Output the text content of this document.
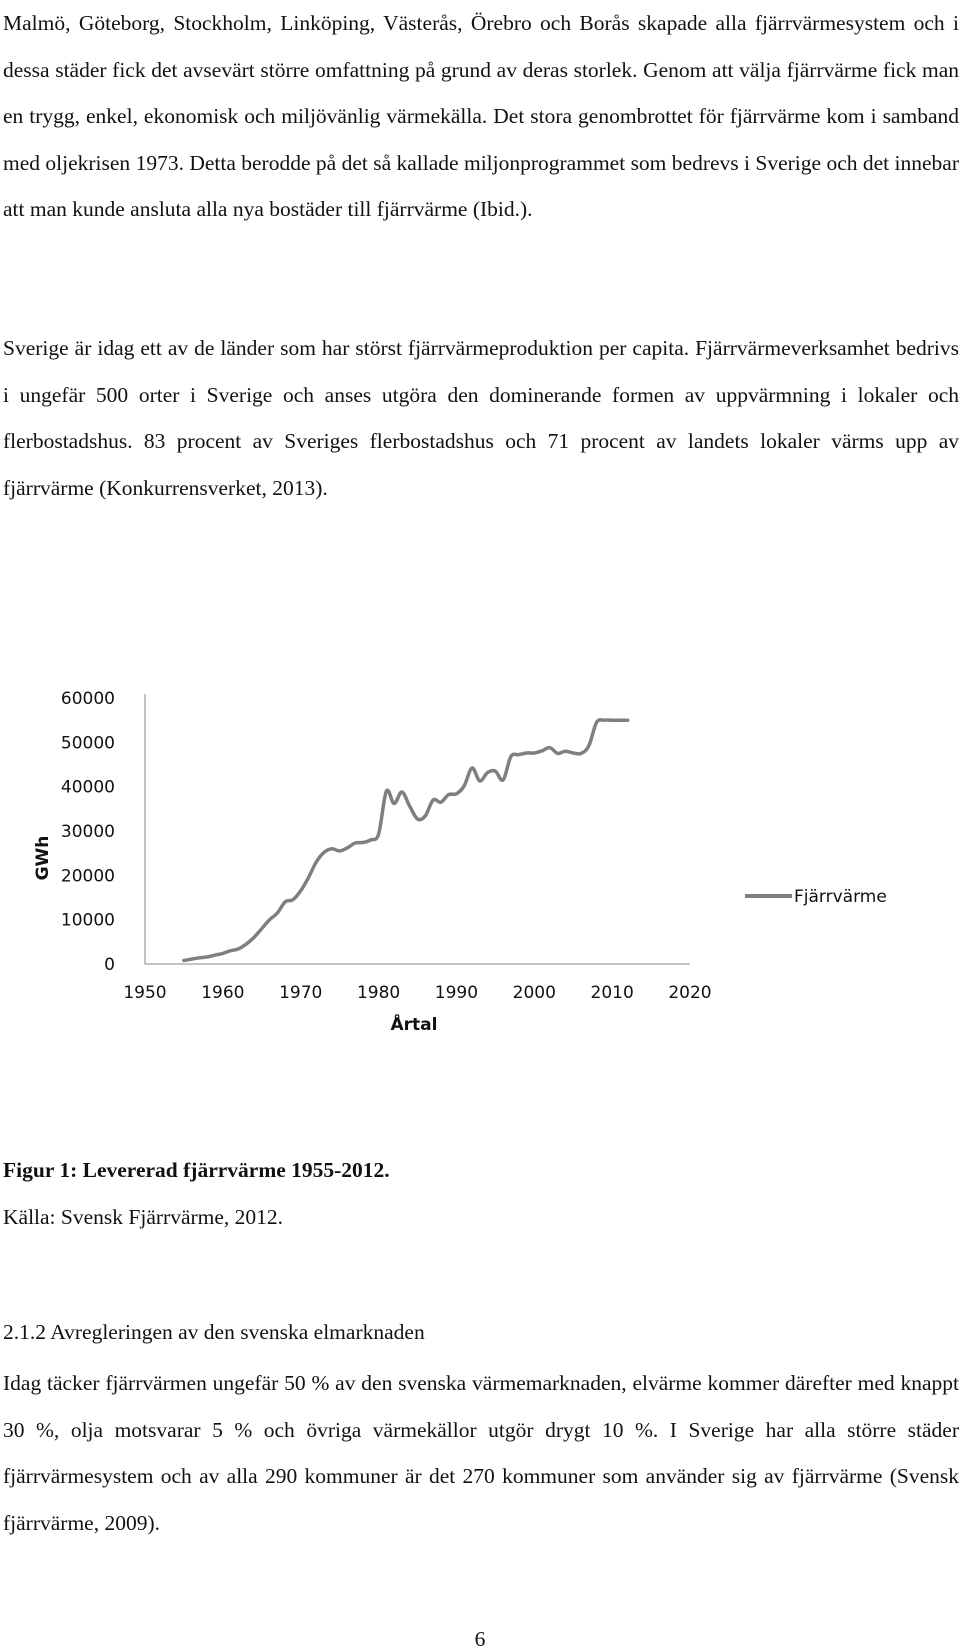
Malmö, Göteborg, Stockholm, Linköping, Västerås, Örebro och Borås skapade alla fjärrvärmesystem och i dessa städer fick det avsevärt större omfattning på grund av deras storlek. Genom att välja fjärrvärme fick man en trygg, enkel, ekonomisk och miljövänlig värmekälla. Det stora genombrottet för fjärrvärme kom i samband med oljekrisen 1973. Detta berodde på det så kallade miljonprogrammet som bedrevs i Sverige och det innebar att man kunde ansluta alla nya bostäder till fjärrvärme (Ibid.).

Sverige är idag ett av de länder som har störst fjärrvärmeproduktion per capita. Fjärrvärmeverksamhet bedrivs i ungefär 500 orter i Sverige och anses utgöra den dominerande formen av uppvärmning i lokaler och flerbostadshus. 83 procent av Sveriges flerbostadshus och 71 procent av landets lokaler värms upp av fjärrvärme (Konkurrensverket, 2013).

0
10000
20000
30000
40000
50000
60000
1950 1960 1970 1980 1990 2000 2010 2020
GWh
Årtal
Fjärrvärme

Figur 1: Levererad fjärrvärme 1955-2012.

Källa: Svensk Fjärrvärme, 2012.

2.1.2 Avregleringen av den svenska elmarknaden

Idag täcker fjärrvärmen ungefär 50 % av den svenska värmemarknaden, elvärme kommer därefter med knappt 30 %, olja motsvarar 5 % och övriga värmekällor utgör drygt 10 %. I Sverige har alla större städer fjärrvärmesystem och av alla 290 kommuner är det 270 kommuner som använder sig av fjärrvärme (Svensk fjärrvärme, 2009).

6
